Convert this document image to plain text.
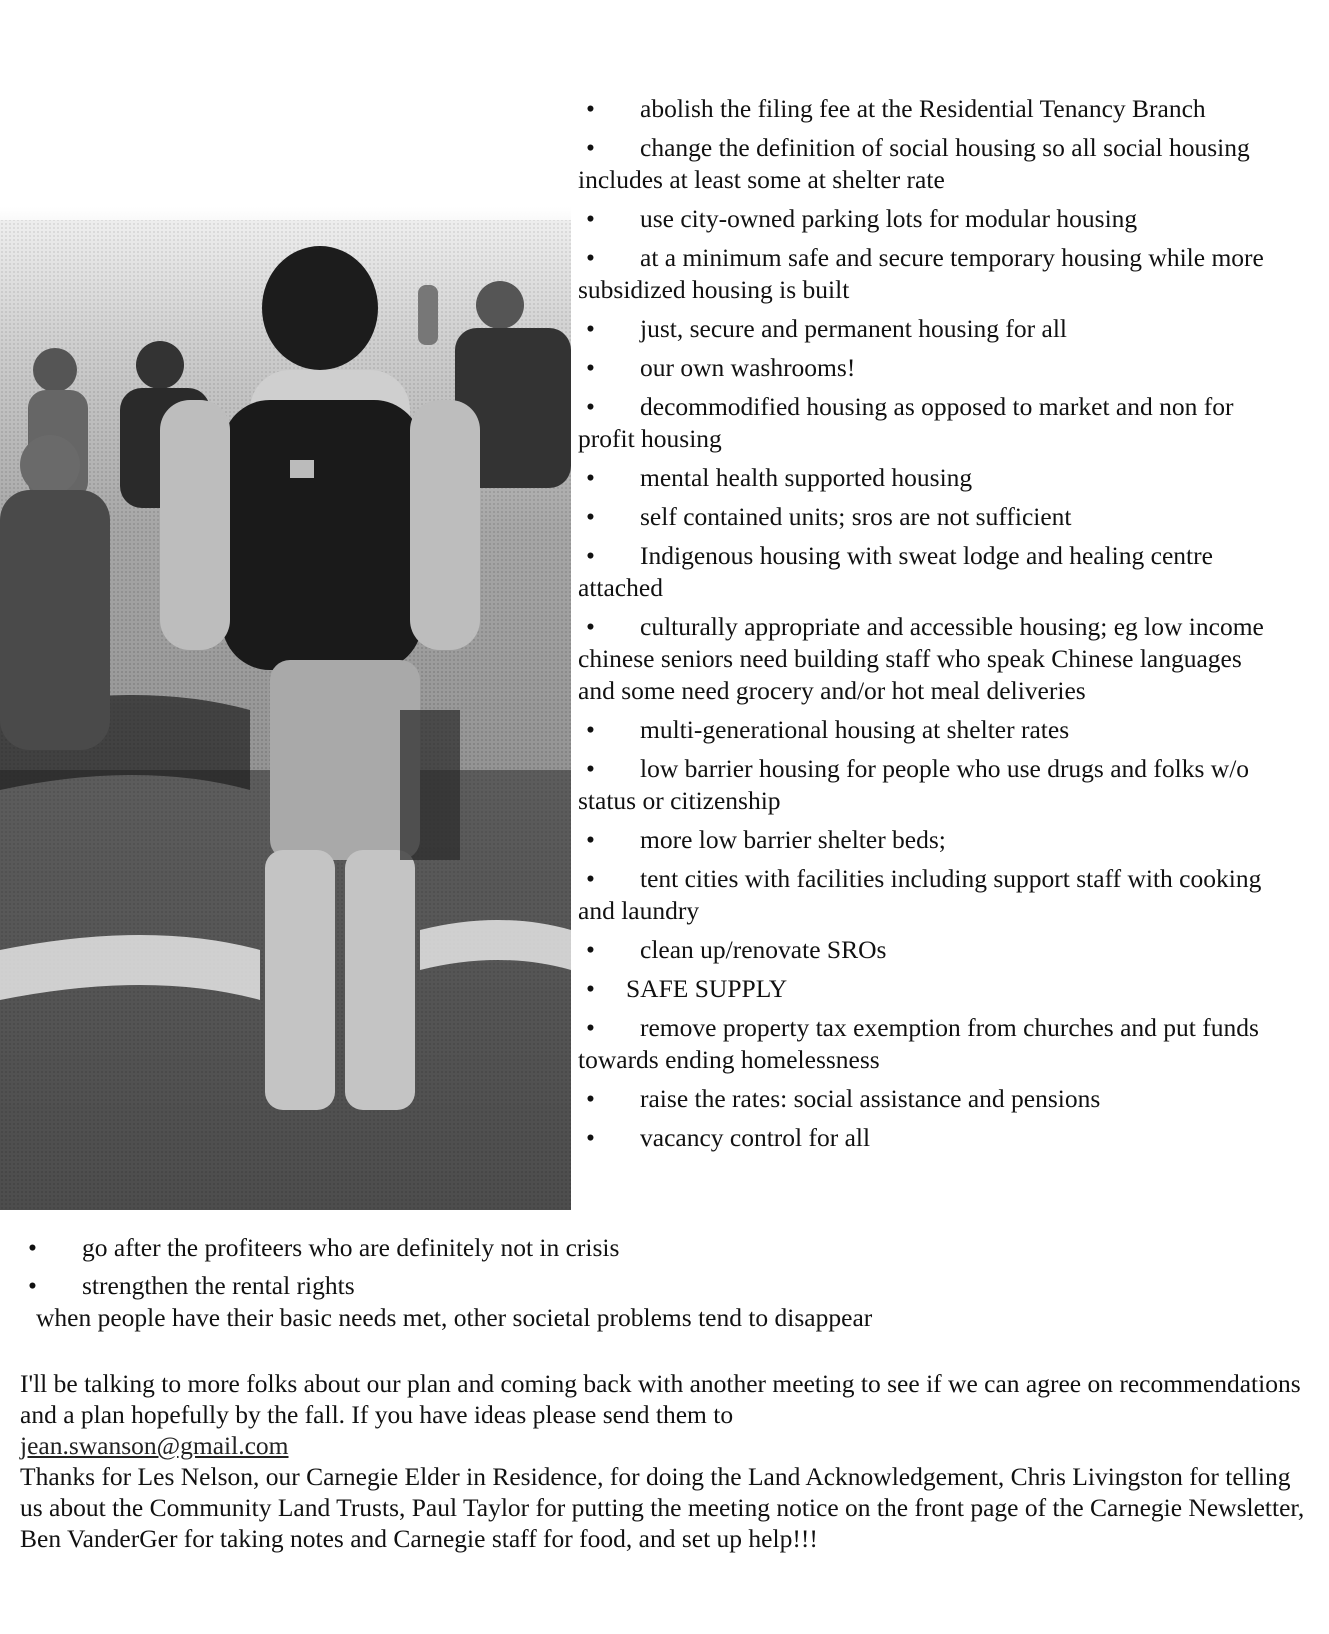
• abolish the filing fee at the Residential Tenancy Branch
• change the definition of social housing so all social housing includes at least some at shelter rate
• use city-owned parking lots for modular housing
• at a minimum safe and secure temporary housing while more subsidized housing is built
• just, secure and permanent housing for all
• our own washrooms!
• decommodified housing as opposed to market and non for profit housing
• mental health supported housing
• self contained units; sros are not sufficient
• Indigenous housing with sweat lodge and healing centre attached
• culturally appropriate and accessible housing; eg low income chinese seniors need building staff who speak Chinese languages and some need grocery and/or hot meal deliveries
• multi-generational housing at shelter rates
• low barrier housing for people who use drugs and folks w/o status or citizenship
• more low barrier shelter beds;
• tent cities with facilities including support staff with cooking and laundry
• clean up/renovate SROs
• SAFE SUPPLY
• remove property tax exemption from churches and put funds towards ending homelessness
• raise the rates: social assistance and pensions
• vacancy control for all
• go after the profiteers who are definitely not in crisis
• strengthen the rental rights
when people have their basic needs met, other societal problems tend to disappear

I'll be talking to more folks about our plan and coming back with another meeting to see if we can agree on recommendations and a plan hopefully by the fall. If you have ideas please send them to

jean.swanson@gmail.com

Thanks for Les Nelson, our Carnegie Elder in Residence, for doing the Land Acknowledgement, Chris Livingston for telling us about the Community Land Trusts, Paul Taylor for putting the meeting notice on the front page of the Carnegie Newsletter, Ben VanderGer for taking notes and Carnegie staff for food, and set up help!!!
